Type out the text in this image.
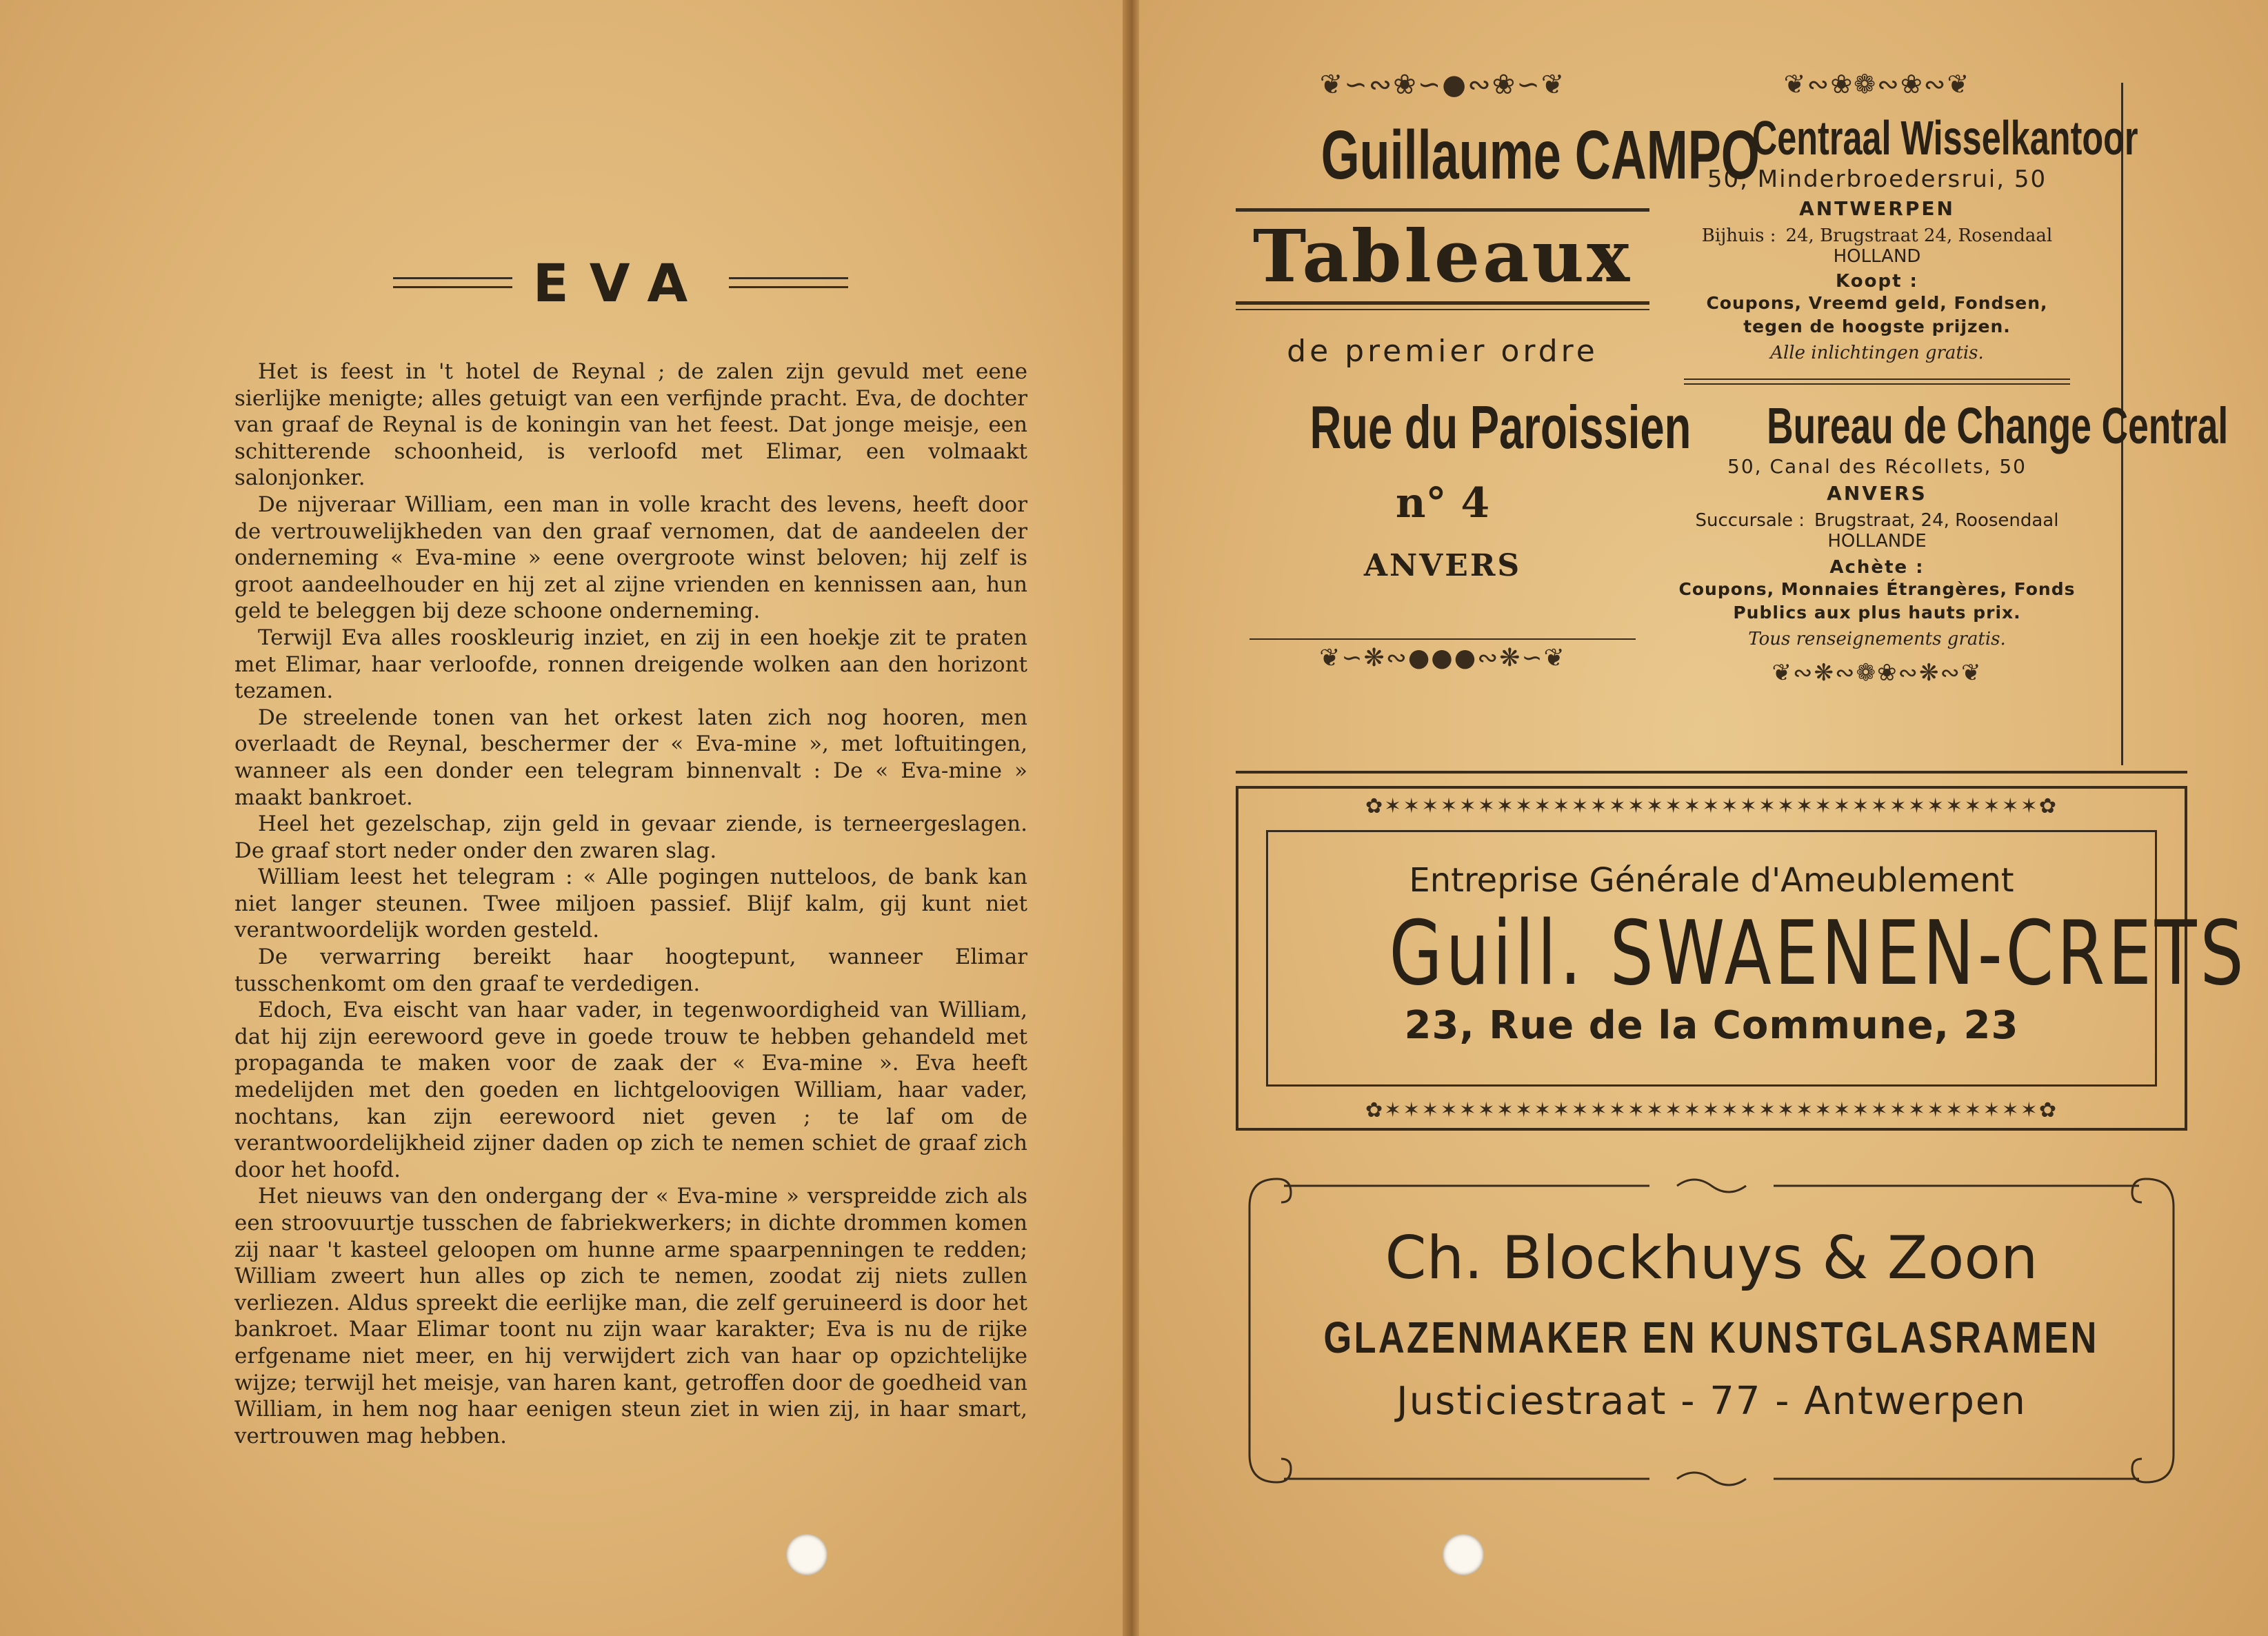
EVA

Het is feest in 't hotel de Reynal ; de zalen zijn gevuld met eene sierlijke menigte; alles getuigt van een verfijnde pracht. Eva, de dochter van graaf de Reynal is de koningin van het feest. Dat jonge meisje, een schitterende schoonheid, is verloofd met Elimar, een volmaakt salonjonker.

De nijveraar William, een man in volle kracht des levens, heeft door de vertrouwelijkheden van den graaf vernomen, dat de aandeelen der onderneming « Eva-mine » eene overgroote winst beloven; hij zelf is groot aandeelhouder en hij zet al zijne vrienden en kennissen aan, hun geld te beleggen bij deze schoone onderneming.

Terwijl Eva alles rooskleurig inziet, en zij in een hoekje zit te praten met Elimar, haar verloofde, ronnen dreigende wolken aan den horizont tezamen.

De streelende tonen van het orkest laten zich nog hooren, men overlaadt de Reynal, beschermer der « Eva-mine », met loftuitingen, wanneer als een donder een telegram binnenvalt : De « Eva-mine » maakt bankroet.

Heel het gezelschap, zijn geld in gevaar ziende, is terneergeslagen. De graaf stort neder onder den zwaren slag.

William leest het telegram : « Alle pogingen nutteloos, de bank kan niet langer steunen. Twee miljoen passief. Blijf kalm, gij kunt niet verantwoordelijk worden gesteld.

De verwarring bereikt haar hoogtepunt, wanneer Elimar tusschenkomt om den graaf te verdedigen.

Edoch, Eva eischt van haar vader, in tegenwoordigheid van William, dat hij zijn eerewoord geve in goede trouw te hebben gehandeld met propaganda te maken voor de zaak der « Eva-mine ». Eva heeft medelijden met den goeden en lichtgeloovigen William, haar vader, nochtans, kan zijn eerewoord niet geven ; te laf om de verantwoordelijkheid zijner daden op zich te nemen schiet de graaf zich door het hoofd.

Het nieuws van den ondergang der « Eva-mine » verspreidde zich als een stroovuurtje tusschen de fabriekwerkers; in dichte drommen komen zij naar 't kasteel geloopen om hunne arme spaarpenningen te redden; William zweert hun alles op zich te nemen, zoodat zij niets zullen verliezen. Aldus spreekt die eerlijke man, die zelf geruineerd is door het bankroet. Maar Elimar toont nu zijn waar karakter; Eva is nu de rijke erfgename niet meer, en hij verwijdert zich van haar op opzichtelijke wijze; terwijl het meisje, van haren kant, getroffen door de goedheid van William, in hem nog haar eenigen steun ziet in wien zij, in haar smart, vertrouwen mag hebben.

❦∽∾❀∽●∾❀∽❦
Guillaume CAMPO
Tableaux
de premier ordre
Rue du Paroissien
n° 4
ANVERS
❦∽❋∾●●●∾❋∽❦
❦∾❀❁∾❀∾❦
Centraal Wisselkantoor
50, Minderbroedersrui, 50
ANTWERPEN
Bijhuis : 24, Brugstraat 24, Rosendaal
HOLLAND
Koopt :
Coupons, Vreemd geld, Fondsen, tegen de hoogste prijzen.
Alle inlichtingen gratis.
Bureau de Change Central
50, Canal des Récollets, 50
ANVERS
Succursale : Brugstraat, 24, Roosendaal
HOLLANDE
Achète :
Coupons, Monnaies Étrangères, Fonds Publics aux plus hauts prix.
Tous renseignements gratis.
❦∾❋∾❁❀∾❋∾❦
✿✶✶✶✶✶✶✶✶✶✶✶✶✶✶✶✶✶✶✶✶✶✶✶✶✶✶✶✶✶✶✶✶✶✶✶✿
✿✶✶✶✶✶✶✶✶✶✶✶✶✶✶✶✶✶✶✶✶✶✶✶✶✶✶✶✶✶✶✶✶✶✶✶✿
Entreprise Générale d'Ameublement
Guill. SWAENEN-CRETS
23, Rue de la Commune, 23
Ch. Blockhuys & Zoon
GLAZENMAKER EN KUNSTGLASRAMEN
Justiciestraat - 77 - Antwerpen
